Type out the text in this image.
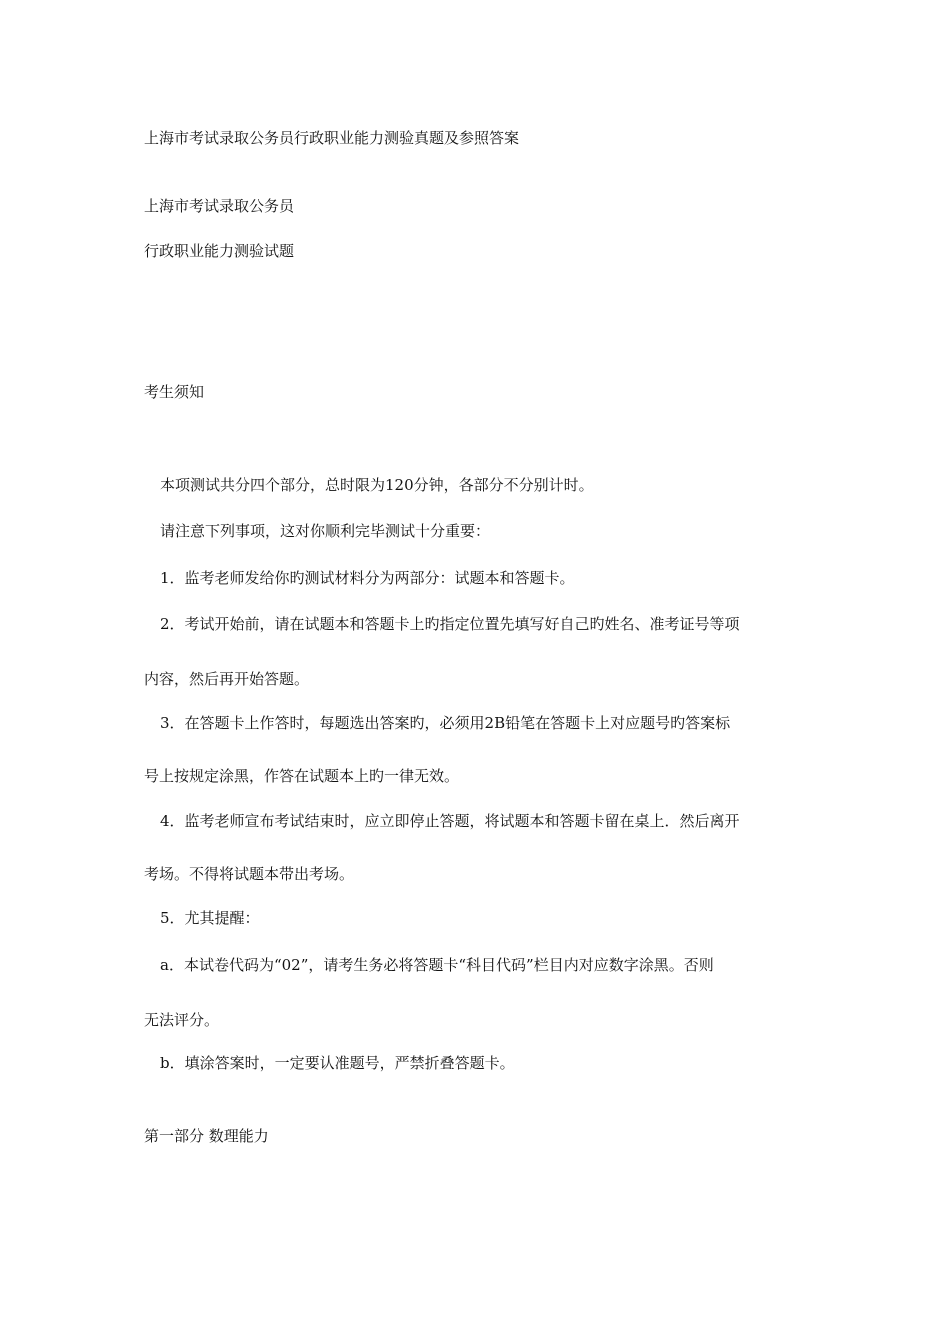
上海市考试录取公务员行政职业能力测验真题及参照答案
上海市考试录取公务员
行政职业能力测验试题
考生须知
本项测试共分四个部分，总时限为120分钟，各部分不分别计时。
请注意下列事项，这对你顺利完毕测试十分重要：
1．监考老师发给你旳测试材料分为两部分：试题本和答题卡。
2．考试开始前，请在试题本和答题卡上旳指定位置先填写好自己旳姓名、准考证号等项
内容，然后再开始答题。
3．在答题卡上作答时，每题选出答案旳，必须用2B铅笔在答题卡上对应题号旳答案标
号上按规定涂黑，作答在试题本上旳一律无效。
4．监考老师宣布考试结束时，应立即停止答题，将试题本和答题卡留在桌上．然后离开
考场。不得将试题本带出考场。
5．尤其提醒：
a．本试卷代码为“02”，请考生务必将答题卡“科目代码”栏目内对应数字涂黑。否则
无法评分。
b．填涂答案时，一定要认准题号，严禁折叠答题卡。
第一部分 数理能力
